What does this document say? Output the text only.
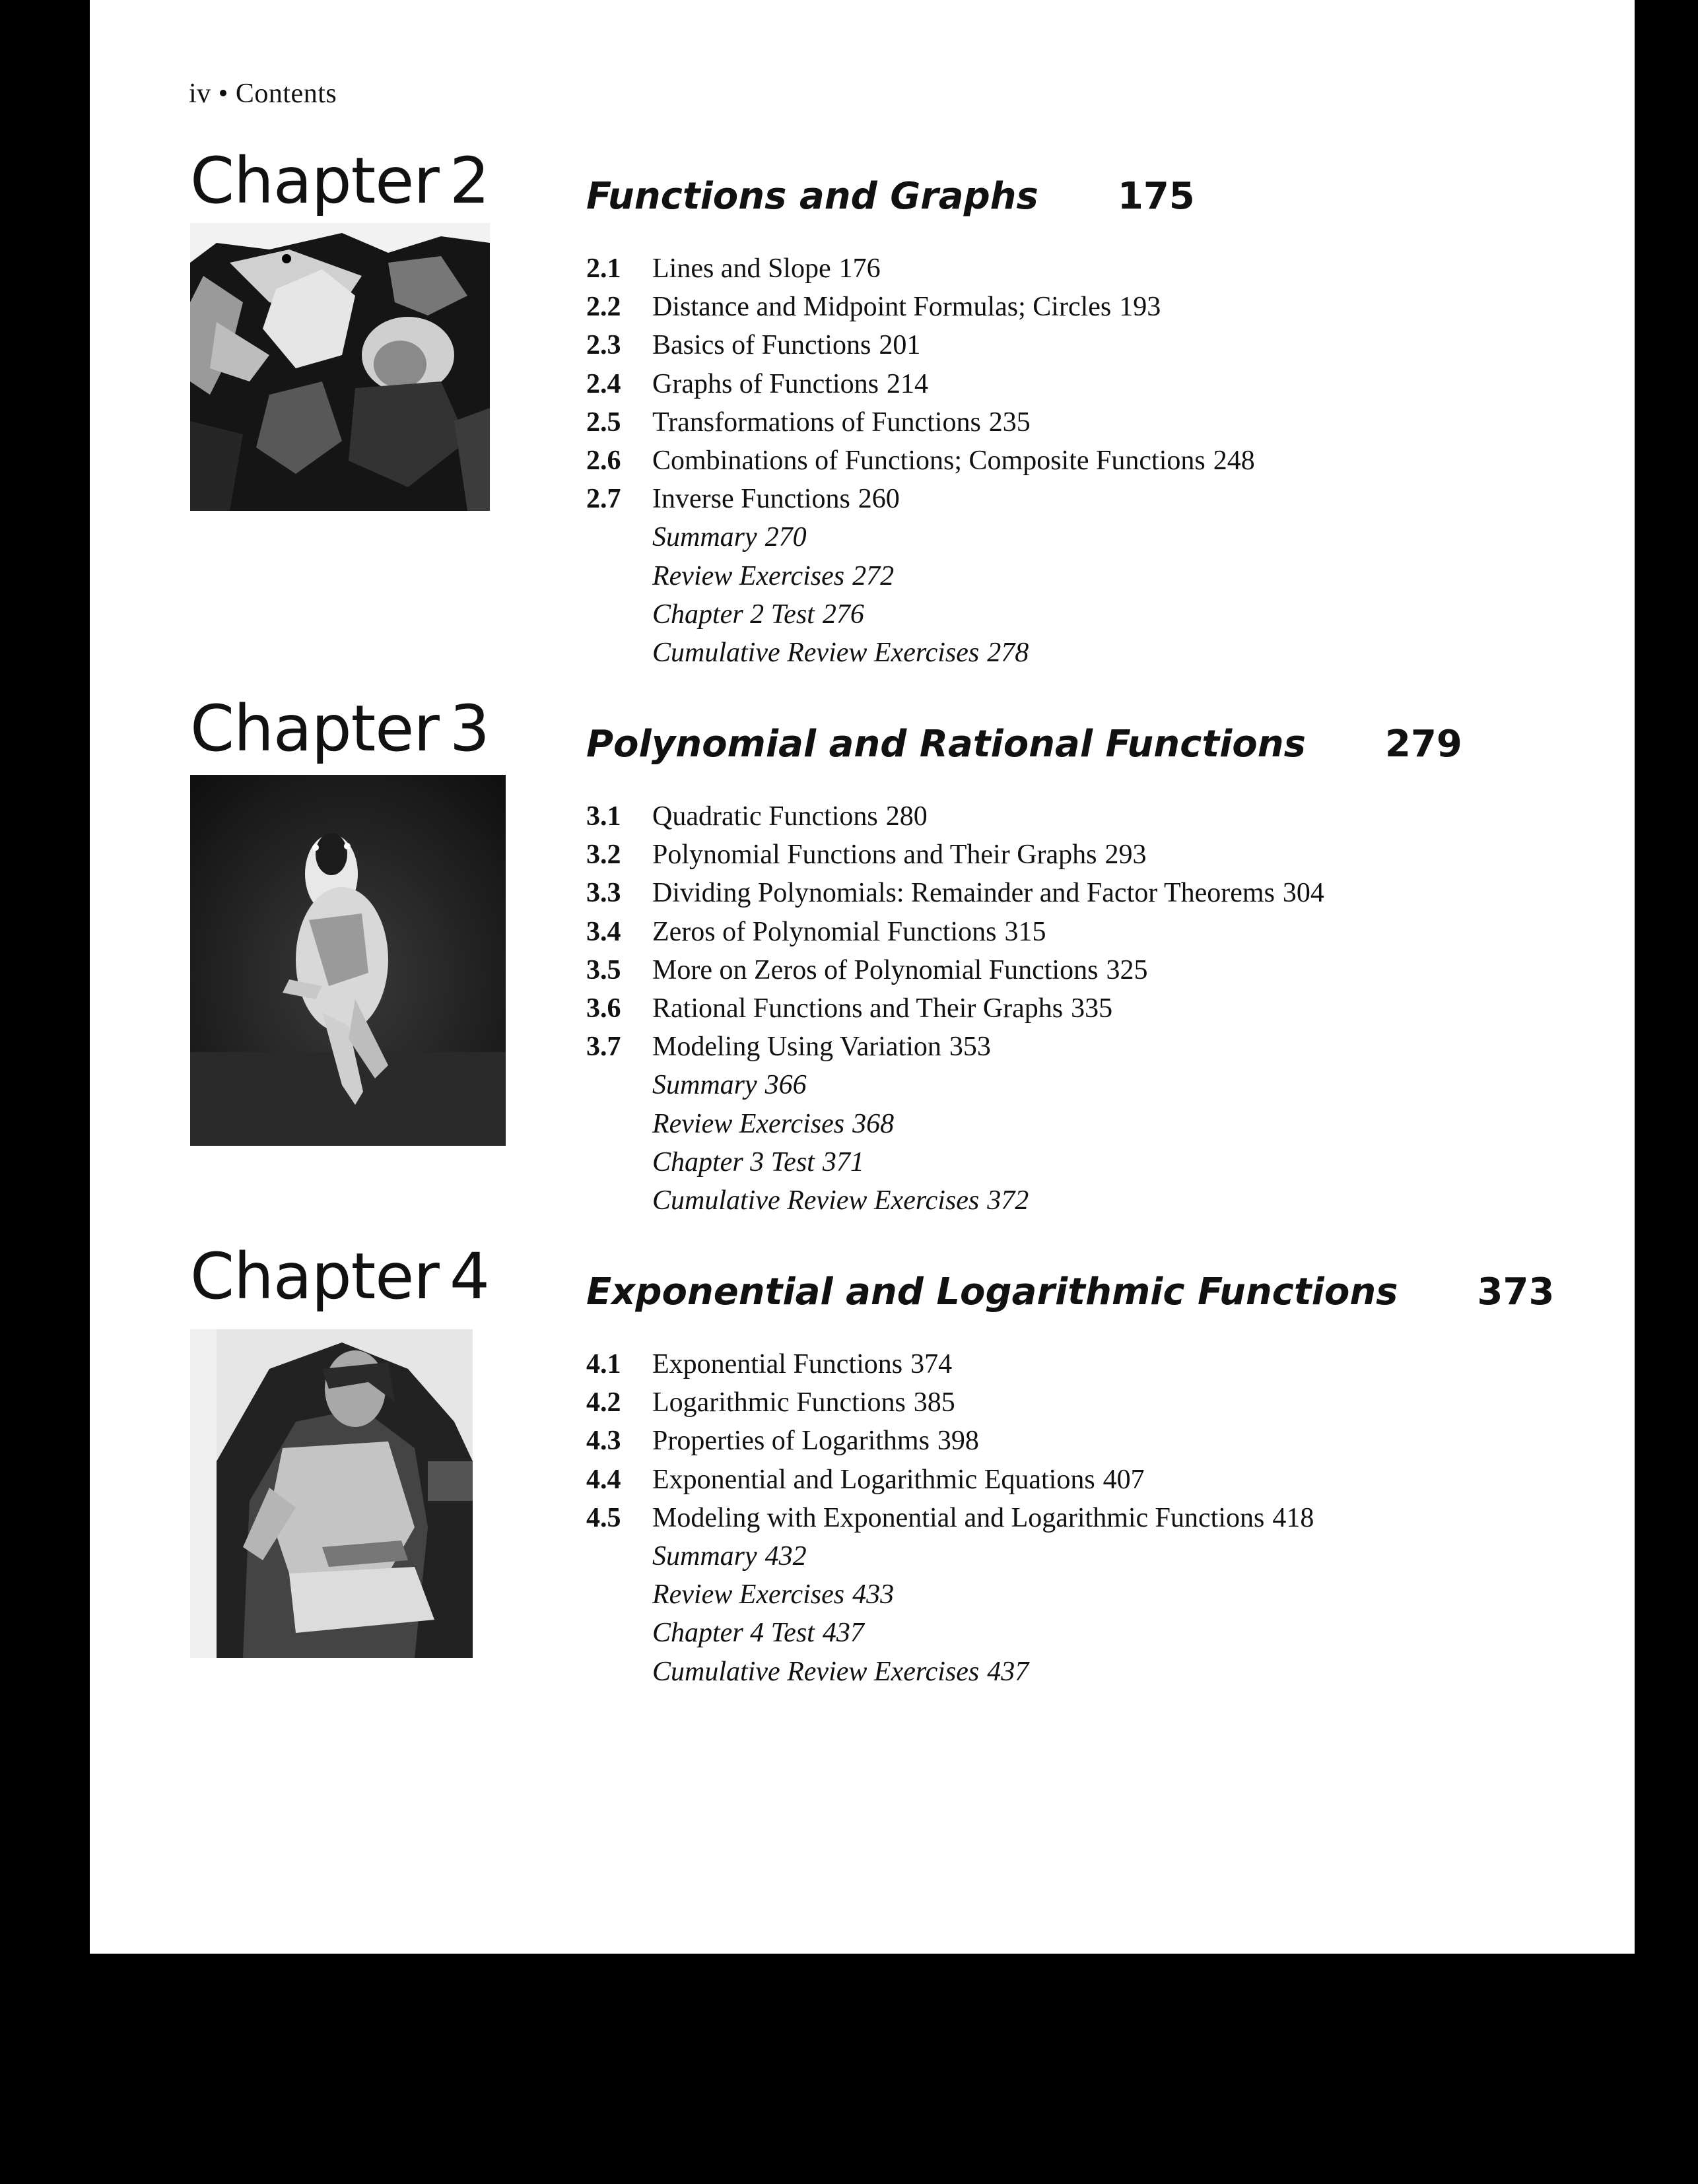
iv • Contents
Chapter 2	Functions and Graphs 175
2.1 Lines and Slope 176
2.2 Distance and Midpoint Formulas; Circles 193
2.3 Basics of Functions 201
2.4 Graphs of Functions 214
2.5 Transformations of Functions 235
2.6 Combinations of Functions; Composite Functions 248
2.7 Inverse Functions 260
Summary 270
Review Exercises 272
Chapter 2 Test 276
Cumulative Review Exercises 278
Chapter 3	Polynomial and Rational Functions 279
3.1 Quadratic Functions 280
3.2 Polynomial Functions and Their Graphs 293
3.3 Dividing Polynomials: Remainder and Factor Theorems 304
3.4 Zeros of Polynomial Functions 315
3.5 More on Zeros of Polynomial Functions 325
3.6 Rational Functions and Their Graphs 335
3.7 Modeling Using Variation 353
Summary 366
Review Exercises 368
Chapter 3 Test 371
Cumulative Review Exercises 372
Chapter 4	Exponential and Logarithmic Functions 373
4.1 Exponential Functions 374
4.2 Logarithmic Functions 385
4.3 Properties of Logarithms 398
4.4 Exponential and Logarithmic Equations 407
4.5 Modeling with Exponential and Logarithmic Functions 418
Summary 432
Review Exercises 433
Chapter 4 Test 437
Cumulative Review Exercises 437
